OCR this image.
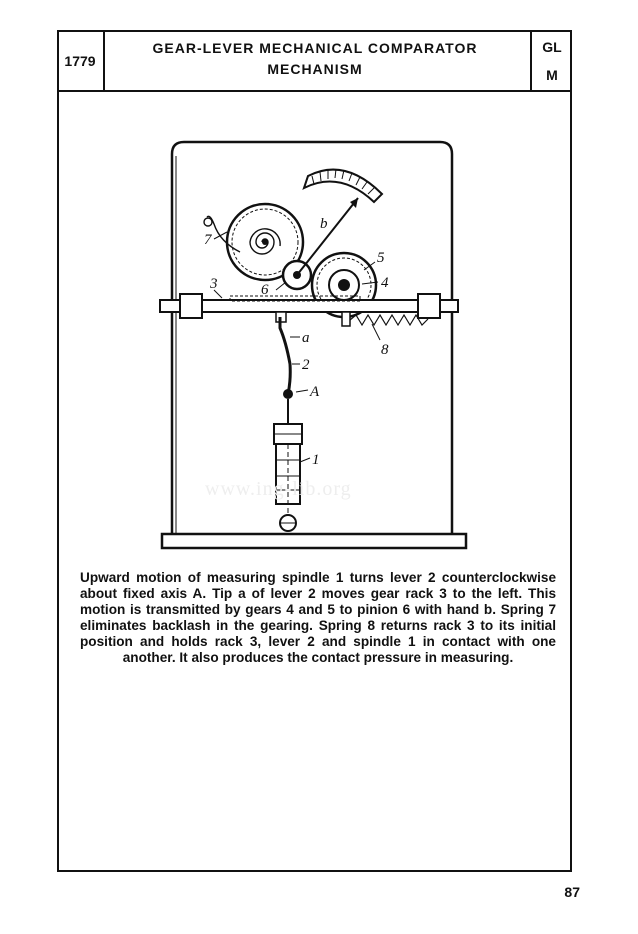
1779
GEAR-LEVER MECHANICAL COMPARATOR
MECHANISM
GL
M
7
b
5
4
6
3
a
8
2
A
1
www.ing-lib.org
Upward motion of measuring spindle 1 turns lever 2 counterclockwise about fixed axis A. Tip a of lever 2 moves gear rack 3 to the left. This motion is transmitted by gears 4 and 5 to pinion 6 with hand b. Spring 7 eliminates backlash in the gearing. Spring 8 returns rack 3 to its initial position and holds rack 3, lever 2 and spindle 1 in contact with one another. It also produces the contact pressure in measuring.
87
